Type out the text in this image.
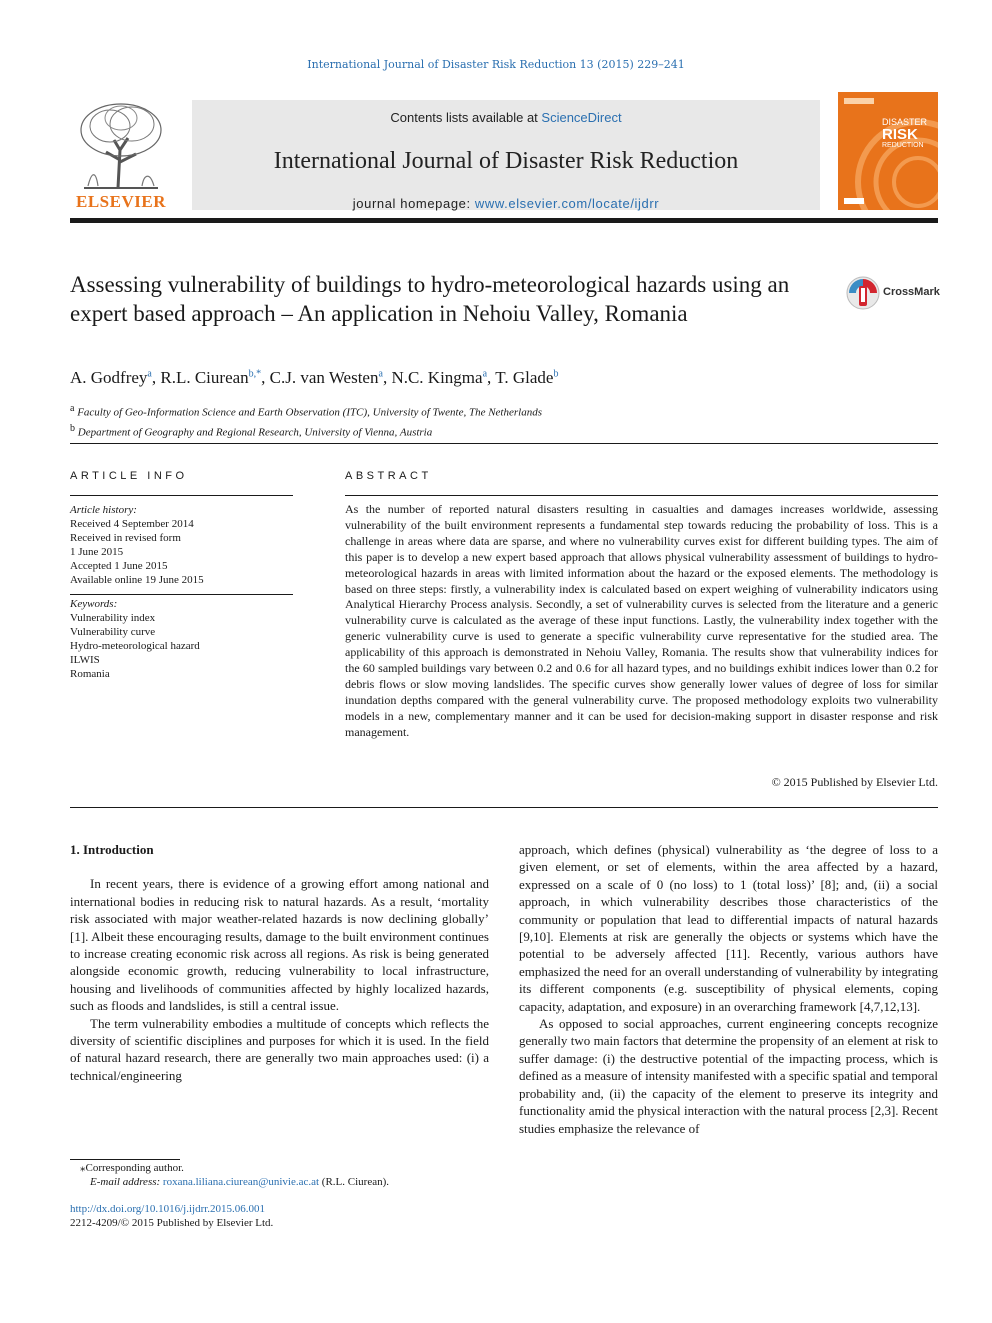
International Journal of Disaster Risk Reduction 13 (2015) 229–241
ELSEVIER
Contents lists available at ScienceDirect
International Journal of Disaster Risk Reduction
journal homepage: www.elsevier.com/locate/ijdrr
DISASTER
RISK
REDUCTION
Assessing vulnerability of buildings to hydro-meteorological hazards using an expert based approach – An application in Nehoiu Valley, Romania
CrossMark
A. Godfrey$^a$, R.L. Ciurean$^{b,*}$, C.J. van Westen$^a$, N.C. Kingma$^a$, T. Glade$^b$
$^a$ Faculty of Geo-Information Science and Earth Observation (ITC), University of Twente, The Netherlands
$^b$ Department of Geography and Regional Research, University of Vienna, Austria
ARTICLE INFO
Article history:
Received 4 September 2014
Received in revised form
1 June 2015
Accepted 1 June 2015
Available online 19 June 2015
Keywords:
Vulnerability index
Vulnerability curve
Hydro-meteorological hazard
ILWIS
Romania
ABSTRACT
As the number of reported natural disasters resulting in casualties and damages increases worldwide, assessing vulnerability of the built environment represents a fundamental step towards reducing the probability of loss. This is a challenge in areas where data are sparse, and where no vulnerability curves exist for different building types. The aim of this paper is to develop a new expert based approach that allows physical vulnerability assessment of buildings to hydro-meteorological hazards in areas with limited information about the hazard or the exposed elements. The methodology is based on three steps: firstly, a vulnerability index is calculated based on expert weighing of vulnerability indicators using Analytical Hierarchy Process analysis. Secondly, a set of vulnerability curves is selected from the literature and a generic vulnerability curve is calculated as the average of these input functions. Lastly, the vulnerability index together with the generic vulnerability curve is used to generate a specific vulnerability curve representative for the studied area. The applicability of this approach is demonstrated in Nehoiu Valley, Romania. The results show that vulnerability indices for the 60 sampled buildings vary between 0.2 and 0.6 for all hazard types, and no buildings exhibit indices lower than 0.2 for debris flows or slow moving landslides. The specific curves show generally lower values of degree of loss for similar inundation depths compared with the general vulnerability curve. The proposed methodology exploits two vulnerability models in a new, complementary manner and it can be used for decision-making support in disaster response and risk management.
© 2015 Published by Elsevier Ltd.
1. Introduction

In recent years, there is evidence of a growing effort among national and international bodies in reducing risk to natural hazards. As a result, ‘mortality risk associated with major weather-related hazards is now declining globally’ [1]. Albeit these encouraging results, damage to the built environment continues to increase creating economic risk across all regions. As risk is being generated alongside economic growth, reducing vulnerability to local infrastructure, housing and livelihoods of communities affected by highly localized hazards, such as floods and landslides, is still a central issue.

The term vulnerability embodies a multitude of concepts which reflects the diversity of scientific disciplines and purposes for which it is used. In the field of natural hazard research, there are generally two main approaches used: (i) a technical/engineering

approach, which defines (physical) vulnerability as ‘the degree of loss to a given element, or set of elements, within the area affected by a hazard, expressed on a scale of 0 (no loss) to 1 (total loss)’ [8]; and, (ii) a social approach, in which vulnerability describes those characteristics of the community or population that lead to differential impacts of natural hazards [9,10]. Elements at risk are generally the objects or systems which have the potential to be adversely affected [11]. Recently, various authors have emphasized the need for an overall understanding of vulnerability by integrating its different components (e.g. susceptibility of physical elements, coping capacity, adaptation, and exposure) in an overarching framework [4,7,12,13].

As opposed to social approaches, current engineering concepts recognize generally two main factors that determine the propensity of an element at risk to suffer damage: (i) the destructive potential of the impacting process, which is defined as a measure of intensity manifested with a specific spatial and temporal probability and, (ii) the capacity of the element to preserve its integrity and functionality amid the physical interaction with the natural process [2,3]. Recent studies emphasize the relevance of

⁎Corresponding author.
E-mail address: roxana.liliana.ciurean@univie.ac.at (R.L. Ciurean).
http://dx.doi.org/10.1016/j.ijdrr.2015.06.001
2212-4209/© 2015 Published by Elsevier Ltd.
